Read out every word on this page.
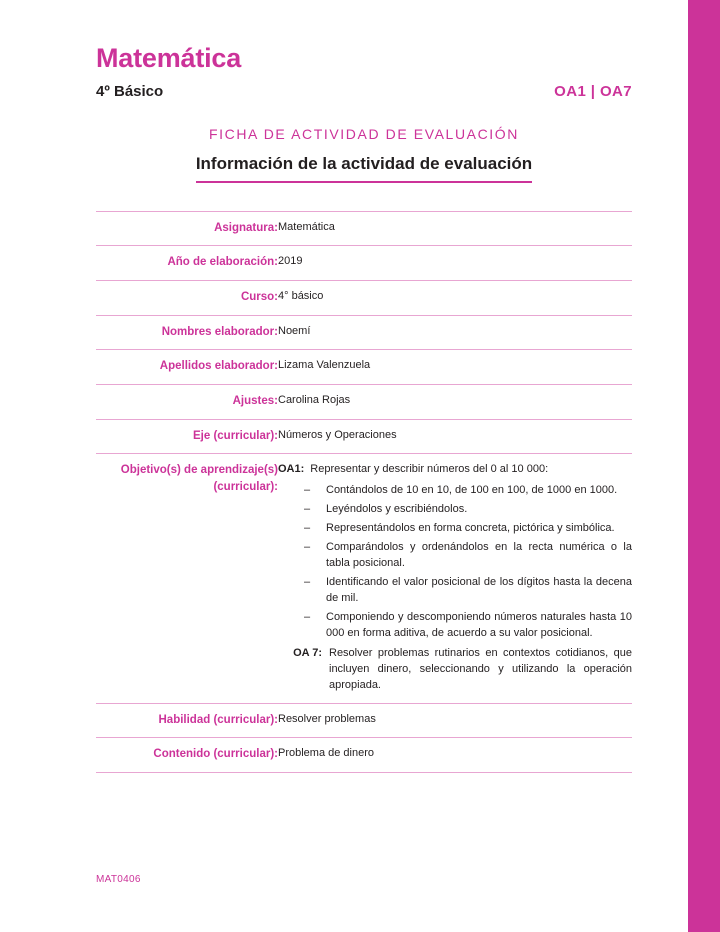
Matemática
4º Básico	OA1 | OA7
FICHA DE ACTIVIDAD DE EVALUACIÓN
Información de la actividad de evaluación
Asignatura:	Matemática
Año de elaboración:	2019
Curso:	4° básico
Nombres elaborador:	Noemí
Apellidos elaborador:	Lizama Valenzuela
Ajustes:	Carolina Rojas
Eje (curricular):	Números y Operaciones
Objetivo(s) de aprendizaje(s) (curricular):	
OA1: Representar y describir números del 0 al 10 000:
– Contándolos de 10 en 10, de 100 en 100, de 1000 en 1000.
– Leyéndolos y escribiéndolos.
– Representándolos en forma concreta, pictórica y simbólica.
– Comparándolos y ordenándolos en la recta numérica o la tabla posicional.
– Identificando el valor posicional de los dígitos hasta la decena de mil.
– Componiendo y descomponiendo números naturales hasta 10 000 en forma aditiva, de acuerdo a su valor posicional.
OA 7: Resolver problemas rutinarios en contextos cotidianos, que incluyen dinero, seleccionando y utilizando la operación apropiada.

Habilidad (curricular):	Resolver problemas
Contenido (curricular):	Problema de dinero
MAT0406
